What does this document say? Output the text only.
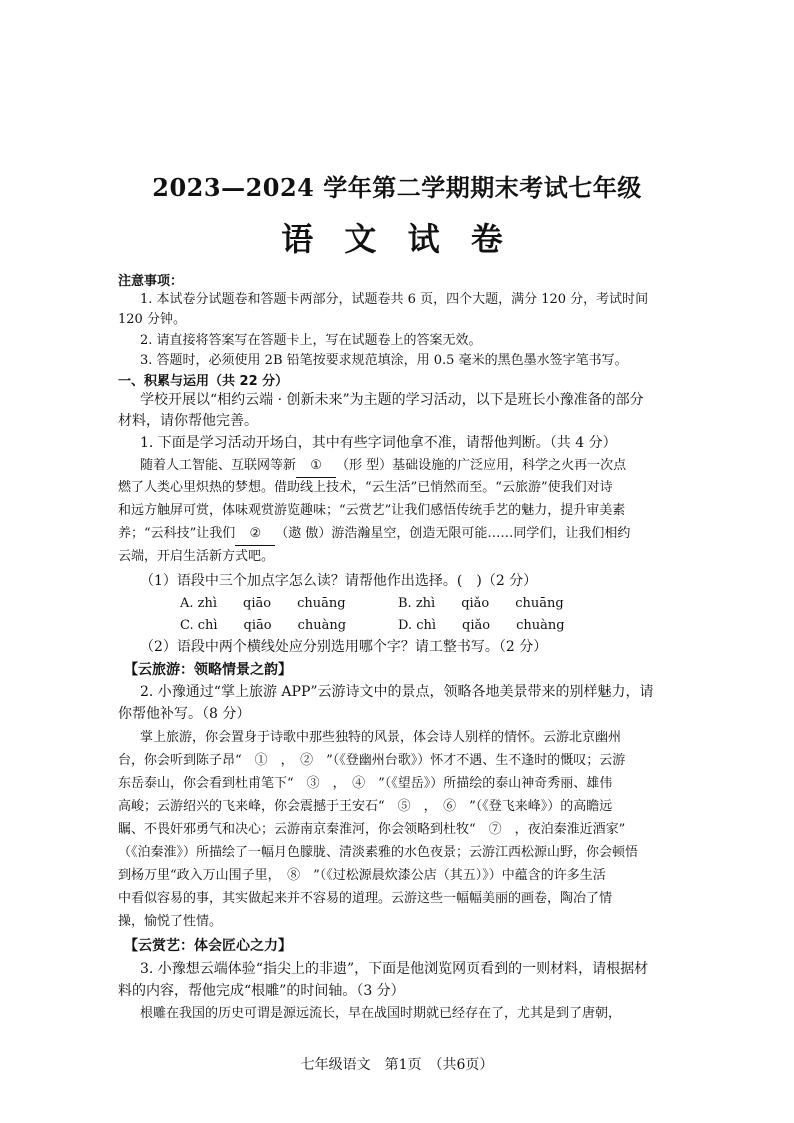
2023—2024 学年第二学期期末考试七年级
语 文 试 卷
注意事项：
1. 本试卷分试题卷和答题卡两部分，试题卷共 6 页，四个大题，满分 120 分，考试时间
120 分钟。
2. 请直接将答案写在答题卡上，写在试题卷上的答案无效。
3. 答题时，必须使用 2B 铅笔按要求规范填涂，用 0.5 毫米的黑色墨水签字笔书写。
一、积累与运用（共 22 分）
学校开展以“相约云端 · 创新未来”为主题的学习活动，以下是班长小豫准备的部分
材料，请你帮他完善。
1. 下面是学习活动开场白，其中有些字词他拿不准，请帮他判断。（共 4 分）
随着人工智能、互联网等新 ① （形 型）基础设施的广泛应用，科学之火再一次点
燃了人类心里炽热的梦想。借助线上技术，“云生活”已悄然而至。“云旅游”使我们对诗
和远方触屏可赏，体味观赏游览趣味；“云赏艺”让我们感悟传统手艺的魅力，提升审美素
养；“云科技”让我们 ② （遨 傲）游浩瀚星空，创造无限可能……同学们，让我们相约
云端，开启生活新方式吧。
（1）语段中三个加点字怎么读？请帮他作出选择。(　)（2 分）
A. zhì　　qiāo　　chuāng	B. zhì　　qiǎo　　chuāng
C. chì　　qiāo　　chuàng	D. chì　　qiǎo　　chuàng
（2）语段中两个横线处应分别选用哪个字？请工整书写。（2 分）
【云旅游：领略情景之韵】
2. 小豫通过“掌上旅游 APP”云游诗文中的景点，领略各地美景带来的别样魅力，请
你帮他补写。（8 分）
掌上旅游，你会置身于诗歌中那些独特的风景，体会诗人别样的情怀。云游北京幽州
台，你会听到陈子昂“　①　，　②　”（《登幽州台歌》）怀才不遇、生不逢时的慨叹；云游
东岳泰山，你会看到杜甫笔下“　③　，　④　”（《望岳》）所描绘的泰山神奇秀丽、雄伟
高峻；云游绍兴的飞来峰，你会震撼于王安石“　⑤　，　⑥　”（《登飞来峰》）的高瞻远
瞩、不畏奸邪勇气和决心；云游南京秦淮河，你会领略到杜牧“　⑦　，夜泊秦淮近酒家”
（《泊秦淮》）所描绘了一幅月色朦胧、清淡素雅的水色夜景；云游江西松源山野，你会顿悟
到杨万里“政入万山围子里，　⑧　”（《过松源晨炊漆公店（其五）》）中蕴含的许多生活
中看似容易的事，其实做起来并不容易的道理。云游这些一幅幅美丽的画卷，陶冶了情
操，愉悦了性情。
【云赏艺：体会匠心之力】
3. 小豫想云端体验“指尖上的非遗”，下面是他浏览网页看到的一则材料，请根据材
料的内容，帮他完成“根雕”的时间轴。（3 分）
根雕在我国的历史可谓是源远流长，早在战国时期就已经存在了，尤其是到了唐朝，
七年级语文　第1页　（共6页）
